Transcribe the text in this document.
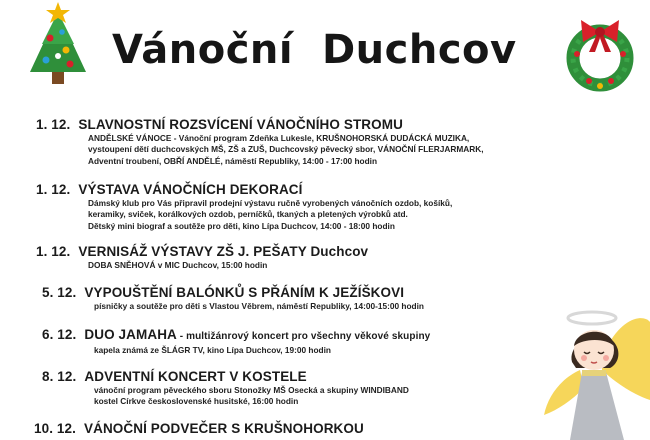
Vánoční  Duchcov
1. 12. SLAVNOSTNÍ ROZSVÍCENÍ VÁNOČNÍHO STROMU
ANDĚLSKÉ VÁNOCE - Vánoční program Zdeňka Lukesle, KRUŠNOHORSKÁ DUDÁCKÁ MUZIKA,
vystoupení dětí duchcovských MŠ, ZŠ a ZUŠ, Duchcovský pěvecký sbor, VÁNOČNÍ FLERJARMARK,
Adventní troubení, OBŘÍ ANDĚLÉ, náměstí Republiky, 14:00 - 17:00 hodin
1. 12. VÝSTAVA VÁNOČNÍCH DEKORACÍ
Dámský klub pro Vás připravil prodejní výstavu ručně vyrobených vánočních ozdob, košíků,
keramiky, sviček, korálkových ozdob, perníčků, tkaných a pletených výrobků atd.
Dětský mini biograf a soutěže pro děti, kino Lípa Duchcov, 14:00 - 18:00 hodin
1. 12. VERNISÁŽ VÝSTAVY ZŠ J. PEŠATY Duchcov
DOBA SNĚHOVÁ v MIC Duchcov, 15:00 hodin
5. 12. VYPOUŠTĚNÍ BALÓNKŮ S PŘÁNÍM K JEŽÍŠKOVI
písničky a soutěže pro děti s Vlastou Věbrem, náměstí Republiky, 14:00-15:00 hodin
6. 12. DUO JAMAHA - multižánrový koncert pro všechny věkové skupiny
kapela známá ze ŠLÁGR TV, kino Lípa Duchcov, 19:00 hodin
8. 12. ADVENTNÍ KONCERT V KOSTELE
vánoční program pěveckého sboru Stonožky MŠ Osecká a skupiny WINDIBAND
kostel Církve československé husitské, 16:00 hodin
10. 12. VÁNOČNÍ PODVEČER S KRUŠNOHORKOU
